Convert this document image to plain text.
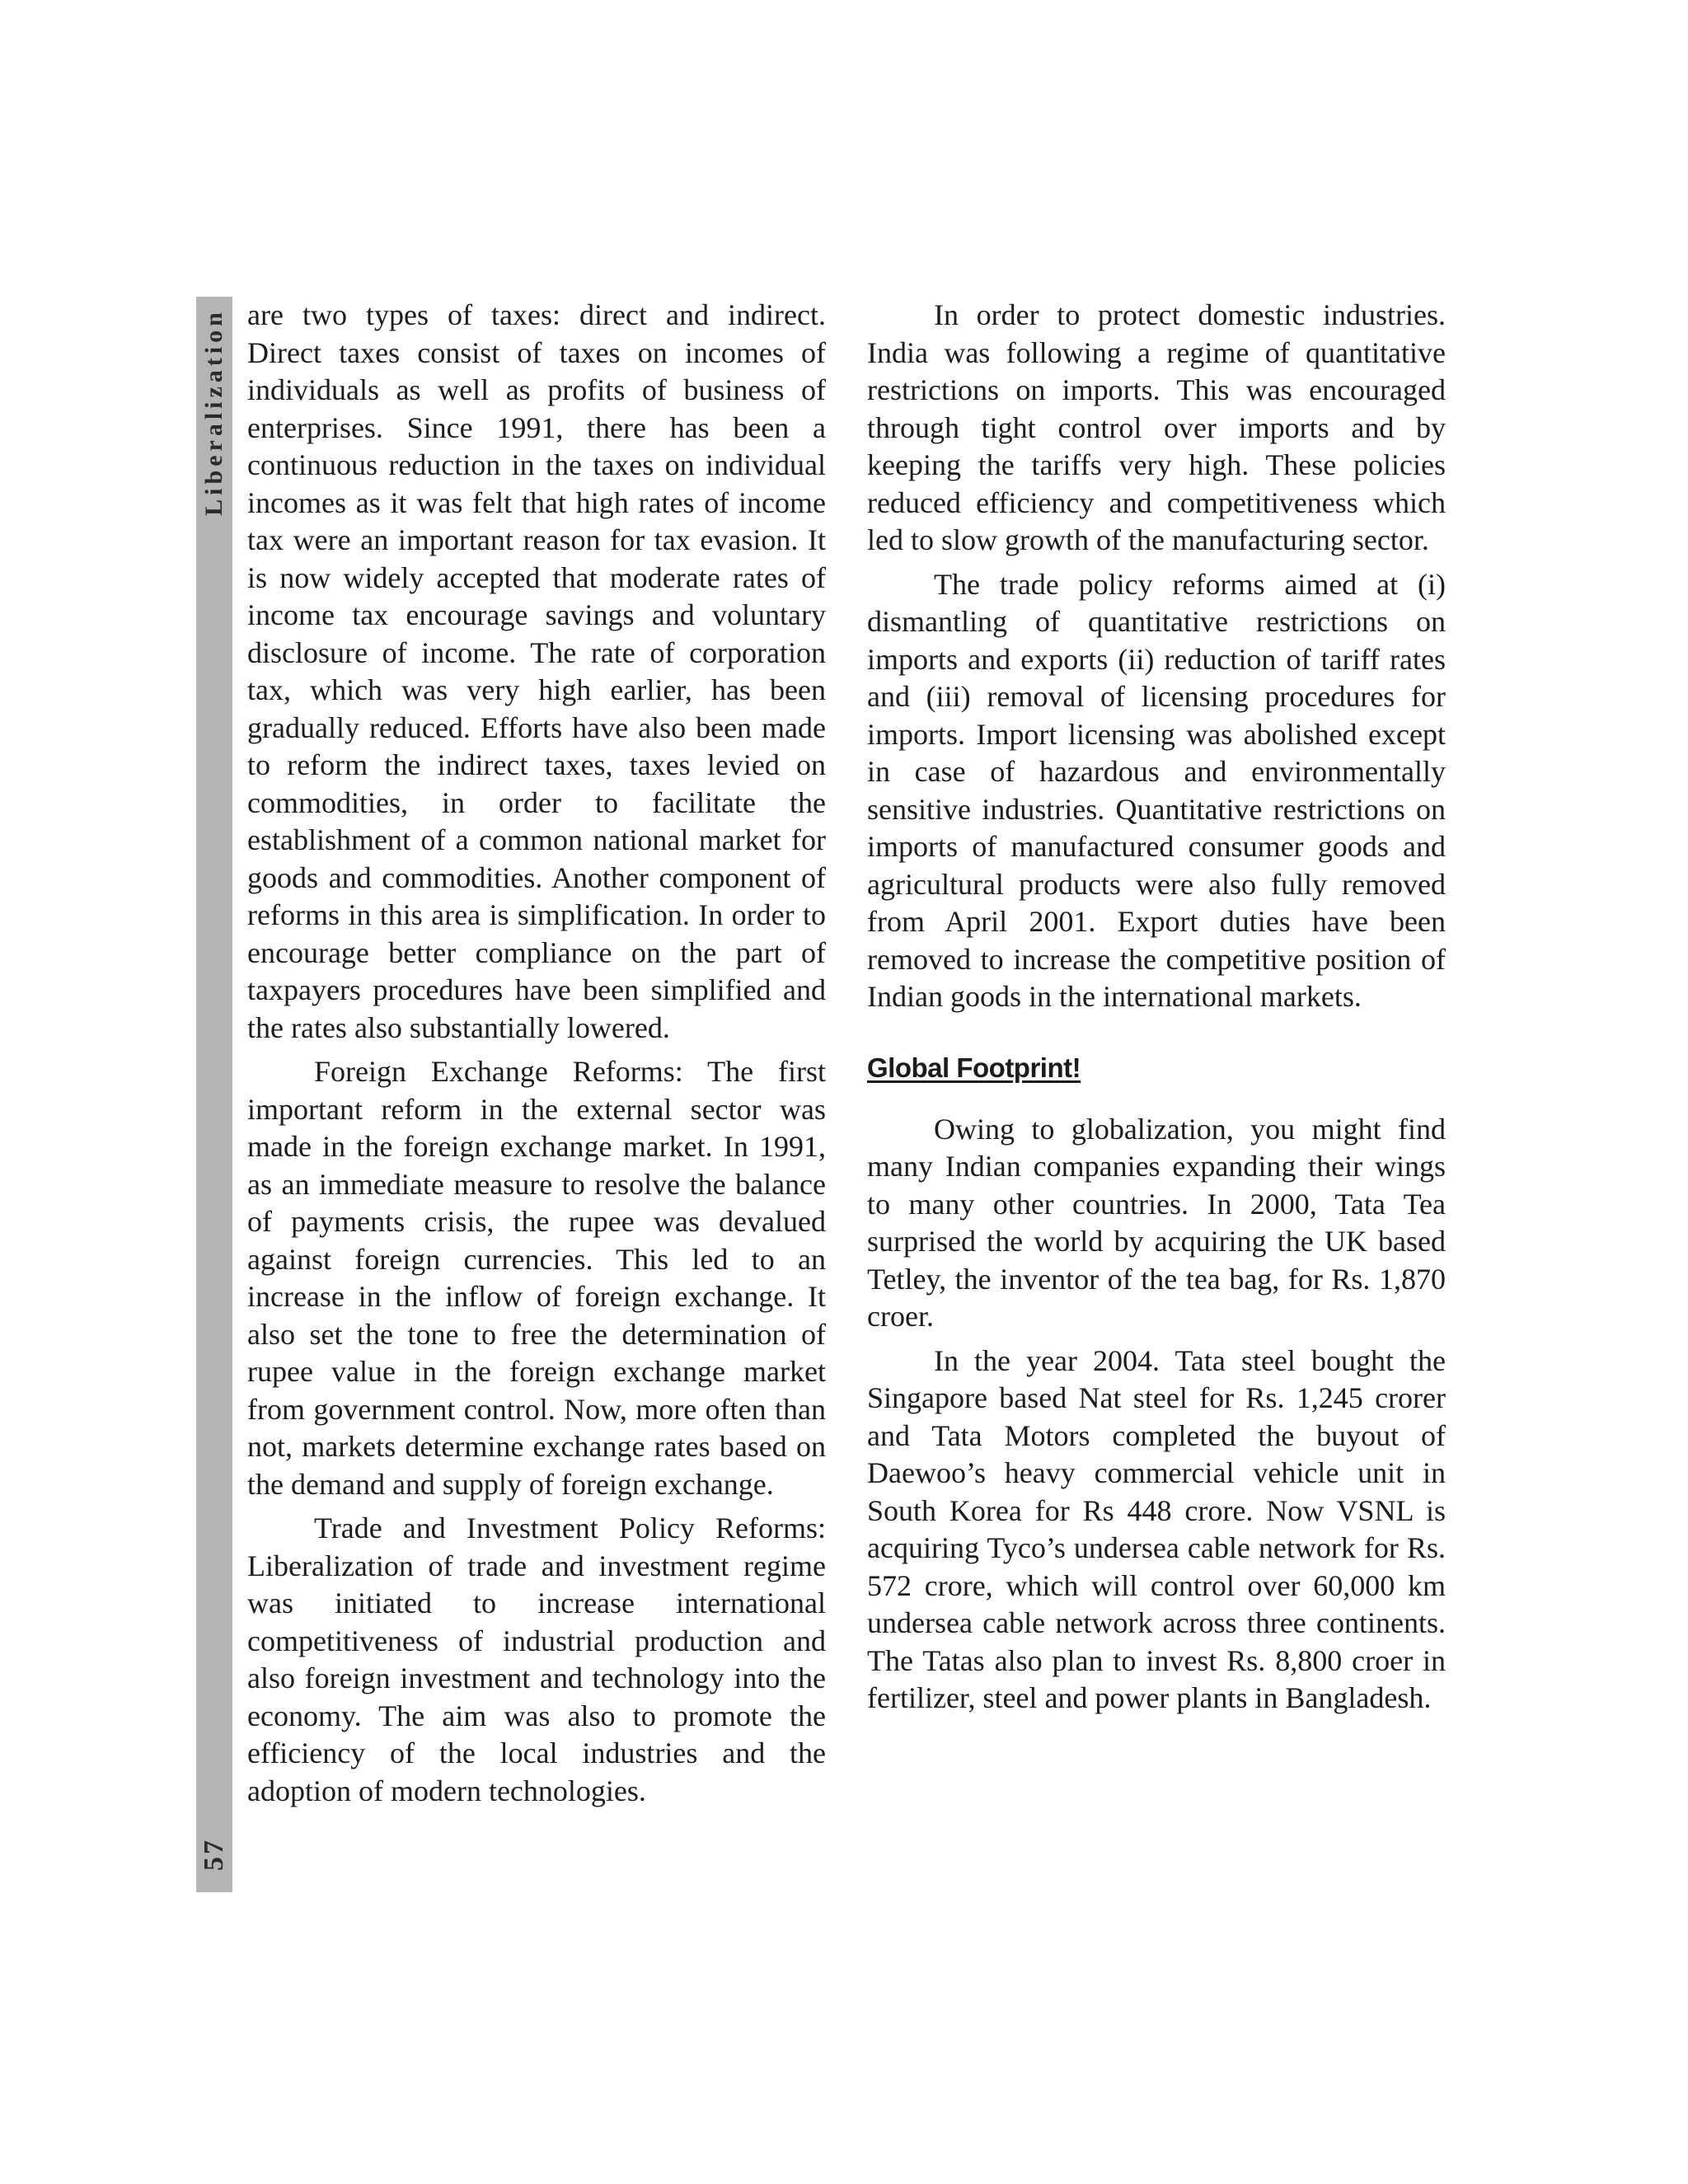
Liberalization
57

are two types of taxes: direct and indirect. Direct taxes consist of taxes on incomes of individuals as well as profits of business of enterprises. Since 1991, there has been a continuous reduction in the taxes on individual incomes as it was felt that high rates of income tax were an important reason for tax evasion. It is now widely accepted that moderate rates of income tax encourage savings and voluntary disclosure of income. The rate of corporation tax, which was very high earlier, has been gradually reduced. Efforts have also been made to reform the indirect taxes, taxes levied on commodities, in order to facilitate the establishment of a common national market for goods and commodities. Another component of reforms in this area is simplification. In order to encourage better compliance on the part of taxpayers procedures have been simplified and the rates also substantially lowered.

Foreign Exchange Reforms: The first important reform in the external sector was made in the foreign exchange market. In 1991, as an immediate measure to resolve the balance of payments crisis, the rupee was devalued against foreign currencies. This led to an increase in the inflow of foreign exchange. It also set the tone to free the determination of rupee value in the foreign exchange market from government control. Now, more often than not, markets determine exchange rates based on the demand and supply of foreign exchange.

Trade and Investment Policy Reforms: Liberalization of trade and investment regime was initiated to increase international competitiveness of industrial production and also foreign investment and technology into the economy. The aim was also to promote the efficiency of the local industries and the adoption of modern technologies.

In order to protect domestic industries. India was following a regime of quantitative restrictions on imports. This was encouraged through tight control over imports and by keeping the tariffs very high. These policies reduced efficiency and competitiveness which led to slow growth of the manufacturing sector.

The trade policy reforms aimed at (i) dismantling of quantitative restrictions on imports and exports (ii) reduction of tariff rates and (iii) removal of licensing procedures for imports. Import licensing was abolished except in case of hazardous and environmentally sensitive industries. Quantitative restrictions on imports of manufactured consumer goods and agricultural products were also fully removed from April 2001. Export duties have been removed to increase the competitive position of Indian goods in the international markets.

Global Footprint!

Owing to globalization, you might find many Indian companies expanding their wings to many other countries. In 2000, Tata Tea surprised the world by acquiring the UK based Tetley, the inventor of the tea bag, for Rs. 1,870 croer.

In the year 2004. Tata steel bought the Singapore based Nat steel for Rs. 1,245 crorer and Tata Motors completed the buyout of Daewoo’s heavy commercial vehicle unit in South Korea for Rs 448 crore. Now VSNL is acquiring Tyco’s undersea cable network for Rs. 572 crore, which will control over 60,000 km undersea cable network across three continents. The Tatas also plan to invest Rs. 8,800 croer in fertilizer, steel and power plants in Bangladesh.
